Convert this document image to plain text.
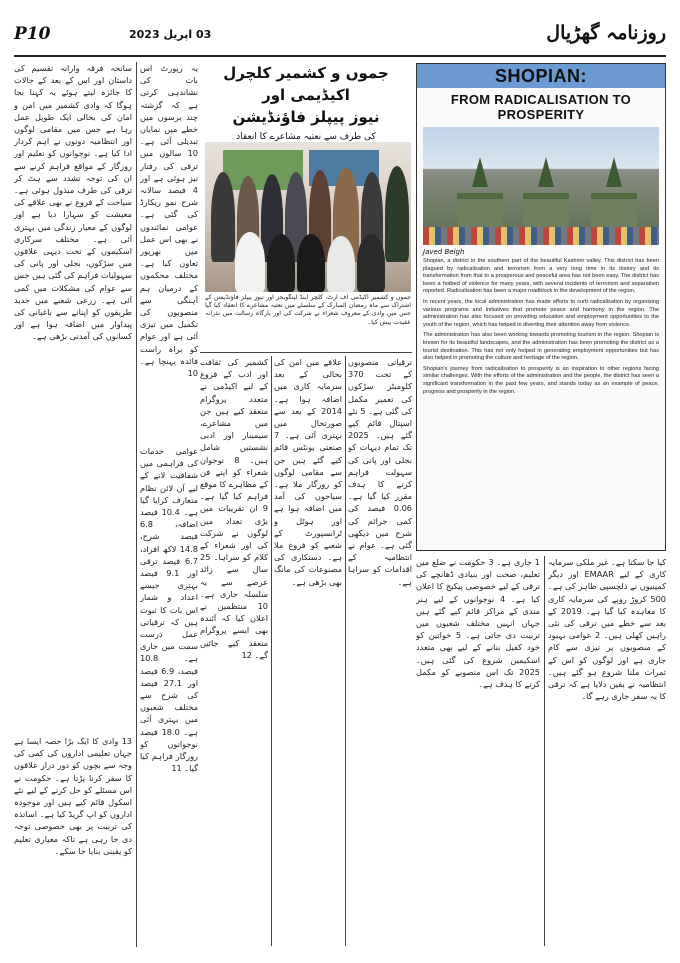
P10	03 اپریل 2023	روزنامہ گھڑیال
سانحہ فرقہ وارانہ تقسیم کی داستان اور اس کے بعد کے حالات کا جائزہ لیتے ہوئے یہ کہنا بجا ہوگا کہ وادی کشمیر میں امن و امان کی بحالی ایک طویل عمل رہا ہے جس میں مقامی لوگوں اور انتظامیہ دونوں نے اہم کردار ادا کیا ہے۔ نوجوانوں کو تعلیم اور روزگار کے مواقع فراہم کرنے سے ان کی توجہ تشدد سے ہٹ کر ترقی کی طرف مبذول ہوئی ہے۔ سیاحت کے فروغ نے بھی علاقے کی معیشت کو سہارا دیا ہے اور لوگوں کے معیار زندگی میں بہتری آئی ہے۔ مختلف سرکاری اسکیموں کے تحت دیہی علاقوں میں سڑکوں، بجلی اور پانی کی سہولیات فراہم کی گئی ہیں جس سے عوام کی مشکلات میں کمی آئی ہے۔ زرعی شعبے میں جدید طریقوں کو اپنانے سے باغبانی کی پیداوار میں اضافہ ہوا ہے اور کسانوں کی آمدنی بڑھی ہے۔
13 وادی کا ایک بڑا حصہ ایسا ہے جہاں تعلیمی اداروں کی کمی کی وجہ سے بچوں کو دور دراز علاقوں کا سفر کرنا پڑتا ہے۔ حکومت نے اس مسئلے کو حل کرنے کے لیے نئے اسکول قائم کیے ہیں اور موجودہ اداروں کو اپ گریڈ کیا ہے۔ اساتذہ کی تربیت پر بھی خصوصی توجہ دی جا رہی ہے تاکہ معیاری تعلیم کو یقینی بنایا جا سکے۔
یہ رپورٹ اس بات کی نشاندہی کرتی ہے کہ گزشتہ چند برسوں میں خطے میں نمایاں تبدیلی آئی ہے۔ 10 سالوں میں ترقی کی رفتار تیز ہوئی ہے اور 4 فیصد سالانہ شرح نمو ریکارڈ کی گئی ہے۔ عوامی نمائندوں نے بھی اس عمل میں بھرپور تعاون کیا ہے۔ مختلف محکموں کے درمیان ہم آہنگی سے منصوبوں کی تکمیل میں تیزی آئی ہے اور عوام کو براہ راست فائدہ پہنچا ہے۔ 10
عوامی خدمات کی فراہمی میں شفافیت لانے کے لیے آن لائن نظام متعارف کرایا گیا ہے۔ 10.4 فیصد اضافہ، 6.8 فیصد شرح، 14.8 لاکھ افراد، 6.7 فیصد ترقی اور 9.1 فیصد بہتری جیسے اعداد و شمار اس بات کا ثبوت ہیں کہ ترقیاتی عمل درست سمت میں جاری ہے۔ 10.8 فیصد، 6.9 فیصد اور 27.1 فیصد کی شرح سے مختلف شعبوں میں بہتری آئی ہے۔ 18.0 فیصد نوجوانوں کو روزگار فراہم کیا گیا۔ 11
جموں و کشمیر کلچرل اکیڈیمی اور
نیوز پیپلز فاؤنڈیشن
کی طرف سے نعتیہ مشاعرے کا انعقاد
جموں و کشمیر اکیڈمی آف آرٹ، کلچر اینڈ لینگویجز اور نیوز پیپلز فاؤنڈیشن کے اشتراک سے ماہ رمضان المبارک کے سلسلے میں نعتیہ مشاعرے کا انعقاد کیا گیا جس میں وادی کے معروف شعراء نے شرکت کی اور بارگاہ رسالت میں نذرانہ عقیدت پیش کیا۔
کشمیر کی ثقافت اور ادب کے فروغ کے لیے اکیڈمی نے متعدد پروگرام منعقد کیے ہیں جن میں مشاعرے، سیمینار اور ادبی نشستیں شامل ہیں۔ 8 نوجوان شعراء کو اپنے فن کے مظاہرے کا موقع فراہم کیا گیا ہے۔ 9 ان تقریبات میں بڑی تعداد میں لوگوں نے شرکت کی اور شعراء کے کلام کو سراہا۔ 25 سال سے زائد عرصے سے یہ سلسلہ جاری ہے۔ 10 منتظمین نے اعلان کیا کہ آئندہ بھی ایسے پروگرام منعقد کیے جائیں گے۔ 12
علاقے میں امن کی بحالی کے بعد سرمایہ کاری میں اضافہ ہوا ہے۔ 2014 کے بعد سے صورتحال میں بہتری آئی ہے۔ 7 صنعتی یونٹس قائم کیے گئے ہیں جن سے مقامی لوگوں کو روزگار ملا ہے۔ سیاحوں کی آمد میں اضافہ ہوا ہے اور ہوٹل و ٹرانسپورٹ کے شعبے کو فروغ ملا ہے۔ دستکاری کی مصنوعات کی مانگ بھی بڑھی ہے۔
ترقیاتی منصوبوں کے تحت 370 کلومیٹر سڑکوں کی تعمیر مکمل کی گئی ہے۔ 5 نئے اسپتال قائم کیے گئے ہیں۔ 2025 تک تمام دیہات کو بجلی اور پانی کی سہولت فراہم کرنے کا ہدف مقرر کیا گیا ہے۔ 0.06 فیصد کی کمی جرائم کی شرح میں دیکھی گئی ہے۔ عوام نے انتظامیہ کے اقدامات کو سراہا ہے۔
SHOPIAN:
FROM RADICALISATION TO PROSPERITY
Javed Beigh

Shopian, a district in the southern part of the beautiful Kashmir valley. This district has been plagued by radicalisation and terrorism from a very long time in its history and its transformation from that to a prosperous and peaceful area has not been easy. The district has been a hotbed of violence for many years, with several incidents of terrorism and separatism reported. Radicalisation has been a major roadblock in the development of the region.

In recent years, the local administration has made efforts to curb radicalisation by organising various programs and initiatives that promote peace and harmony in the region. The administration has also focused on providing education and employment opportunities to the youth of the region, which has helped in diverting their attention away from violence.

The administration has also been working towards promoting tourism in the region. Shopian is known for its beautiful landscapes, and the administration has been promoting the district as a tourist destination. This has not only helped in generating employment opportunities but has also helped in promoting the culture and heritage of the region.

Shopian's journey from radicalisation to prosperity is an inspiration to other regions facing similar challenges. With the efforts of the administration and the people, the district has seen a significant transformation in the past few years, and stands today as an example of peace, progress and prosperity in the region.

1 جاری ہے۔ 3 حکومت نے ضلع میں تعلیم، صحت اور بنیادی ڈھانچے کی ترقی کے لیے خصوصی پیکیج کا اعلان کیا ہے۔ 4 نوجوانوں کے لیے ہنر مندی کے مراکز قائم کیے گئے ہیں جہاں انہیں مختلف شعبوں میں تربیت دی جاتی ہے۔ 5 خواتین کو خود کفیل بنانے کے لیے بھی متعدد اسکیمیں شروع کی گئی ہیں۔ 2025 تک اس منصوبے کو مکمل کرنے کا ہدف ہے۔
کیا جا سکتا ہے۔ غیر ملکی سرمایہ کاری کے لیے EMAAR اور دیگر کمپنیوں نے دلچسپی ظاہر کی ہے۔ 500 کروڑ روپے کی سرمایہ کاری کا معاہدہ کیا گیا ہے۔ 2019 کے بعد سے خطے میں ترقی کی نئی راہیں کھلی ہیں۔ 2 عوامی بہبود کے منصوبوں پر تیزی سے کام جاری ہے اور لوگوں کو اس کے ثمرات ملنا شروع ہو گئے ہیں۔ انتظامیہ نے یقین دلایا ہے کہ ترقی کا یہ سفر جاری رہے گا۔
